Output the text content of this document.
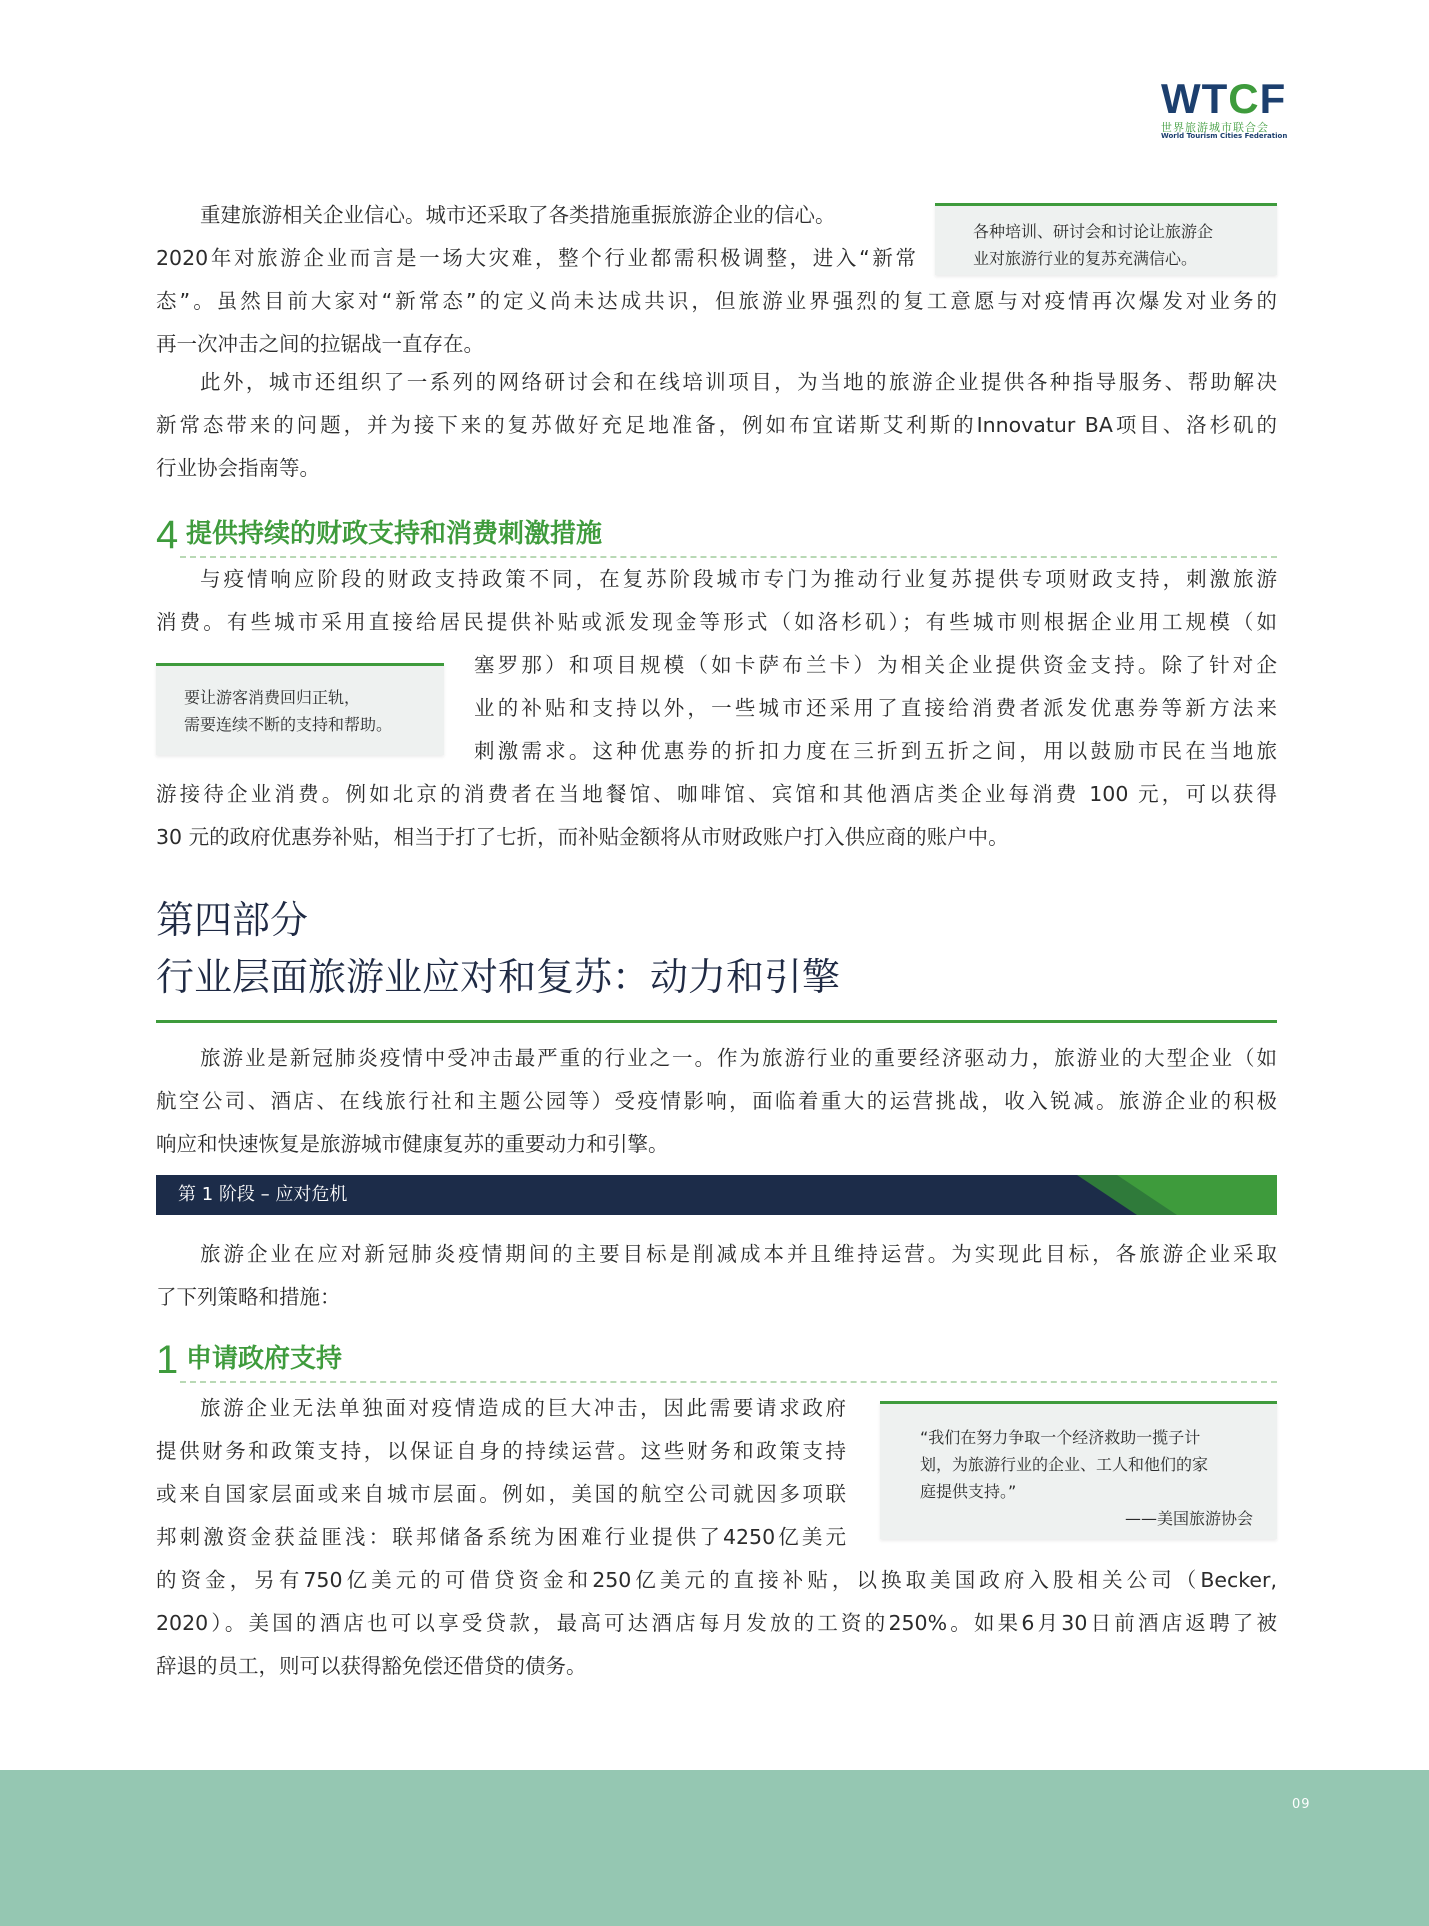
WTCF
世界旅游城市联合会
World Tourism Cities Federation
重建旅游相关企业信心。城市还采取了各类措施重振旅游企业的信心。
2020年对旅游企业而言是一场大灾难，整个行业都需积极调整，进入“新常
态”。虽然目前大家对“新常态”的定义尚未达成共识，但旅游业界强烈的复工意愿与对疫情再次爆发对业务的
再一次冲击之间的拉锯战一直存在。
各种培训、研讨会和讨论让旅游企
业对旅游行业的复苏充满信心。
此外，城市还组织了一系列的网络研讨会和在线培训项目，为当地的旅游企业提供各种指导服务、帮助解决
新常态带来的问题，并为接下来的复苏做好充足地准备，例如布宜诺斯艾利斯的Innovatur BA项目、洛杉矶的
行业协会指南等。
4 提供持续的财政支持和消费刺激措施
与疫情响应阶段的财政支持政策不同，在复苏阶段城市专门为推动行业复苏提供专项财政支持，刺激旅游
消费。有些城市采用直接给居民提供补贴或派发现金等形式（如洛杉矶）；有些城市则根据企业用工规模（如
塞罗那）和项目规模（如卡萨布兰卡）为相关企业提供资金支持。除了针对企
业的补贴和支持以外，一些城市还采用了直接给消费者派发优惠券等新方法来
刺激需求。这种优惠券的折扣力度在三折到五折之间，用以鼓励市民在当地旅
游接待企业消费。例如北京的消费者在当地餐馆、咖啡馆、宾馆和其他酒店类企业每消费 100 元，可以获得
30 元的政府优惠券补贴，相当于打了七折，而补贴金额将从市财政账户打入供应商的账户中。
要让游客消费回归正轨，
需要连续不断的支持和帮助。
第四部分
行业层面旅游业应对和复苏：动力和引擎
旅游业是新冠肺炎疫情中受冲击最严重的行业之一。作为旅游行业的重要经济驱动力，旅游业的大型企业（如
航空公司、酒店、在线旅行社和主题公园等）受疫情影响，面临着重大的运营挑战，收入锐减。旅游企业的积极
响应和快速恢复是旅游城市健康复苏的重要动力和引擎。
第 1 阶段 – 应对危机
旅游企业在应对新冠肺炎疫情期间的主要目标是削减成本并且维持运营。为实现此目标，各旅游企业采取
了下列策略和措施：
1 申请政府支持
旅游企业无法单独面对疫情造成的巨大冲击，因此需要请求政府
提供财务和政策支持，以保证自身的持续运营。这些财务和政策支持
或来自国家层面或来自城市层面。例如，美国的航空公司就因多项联
邦刺激资金获益匪浅：联邦储备系统为困难行业提供了4250亿美元
的资金，另有750亿美元的可借贷资金和250亿美元的直接补贴，以换取美国政府入股相关公司（Becker,
2020）。美国的酒店也可以享受贷款，最高可达酒店每月发放的工资的250%。如果6月30日前酒店返聘了被
辞退的员工，则可以获得豁免偿还借贷的债务。
“我们在努力争取一个经济救助一揽子计
划，为旅游行业的企业、工人和他们的家
庭提供支持。”
——美国旅游协会
09
